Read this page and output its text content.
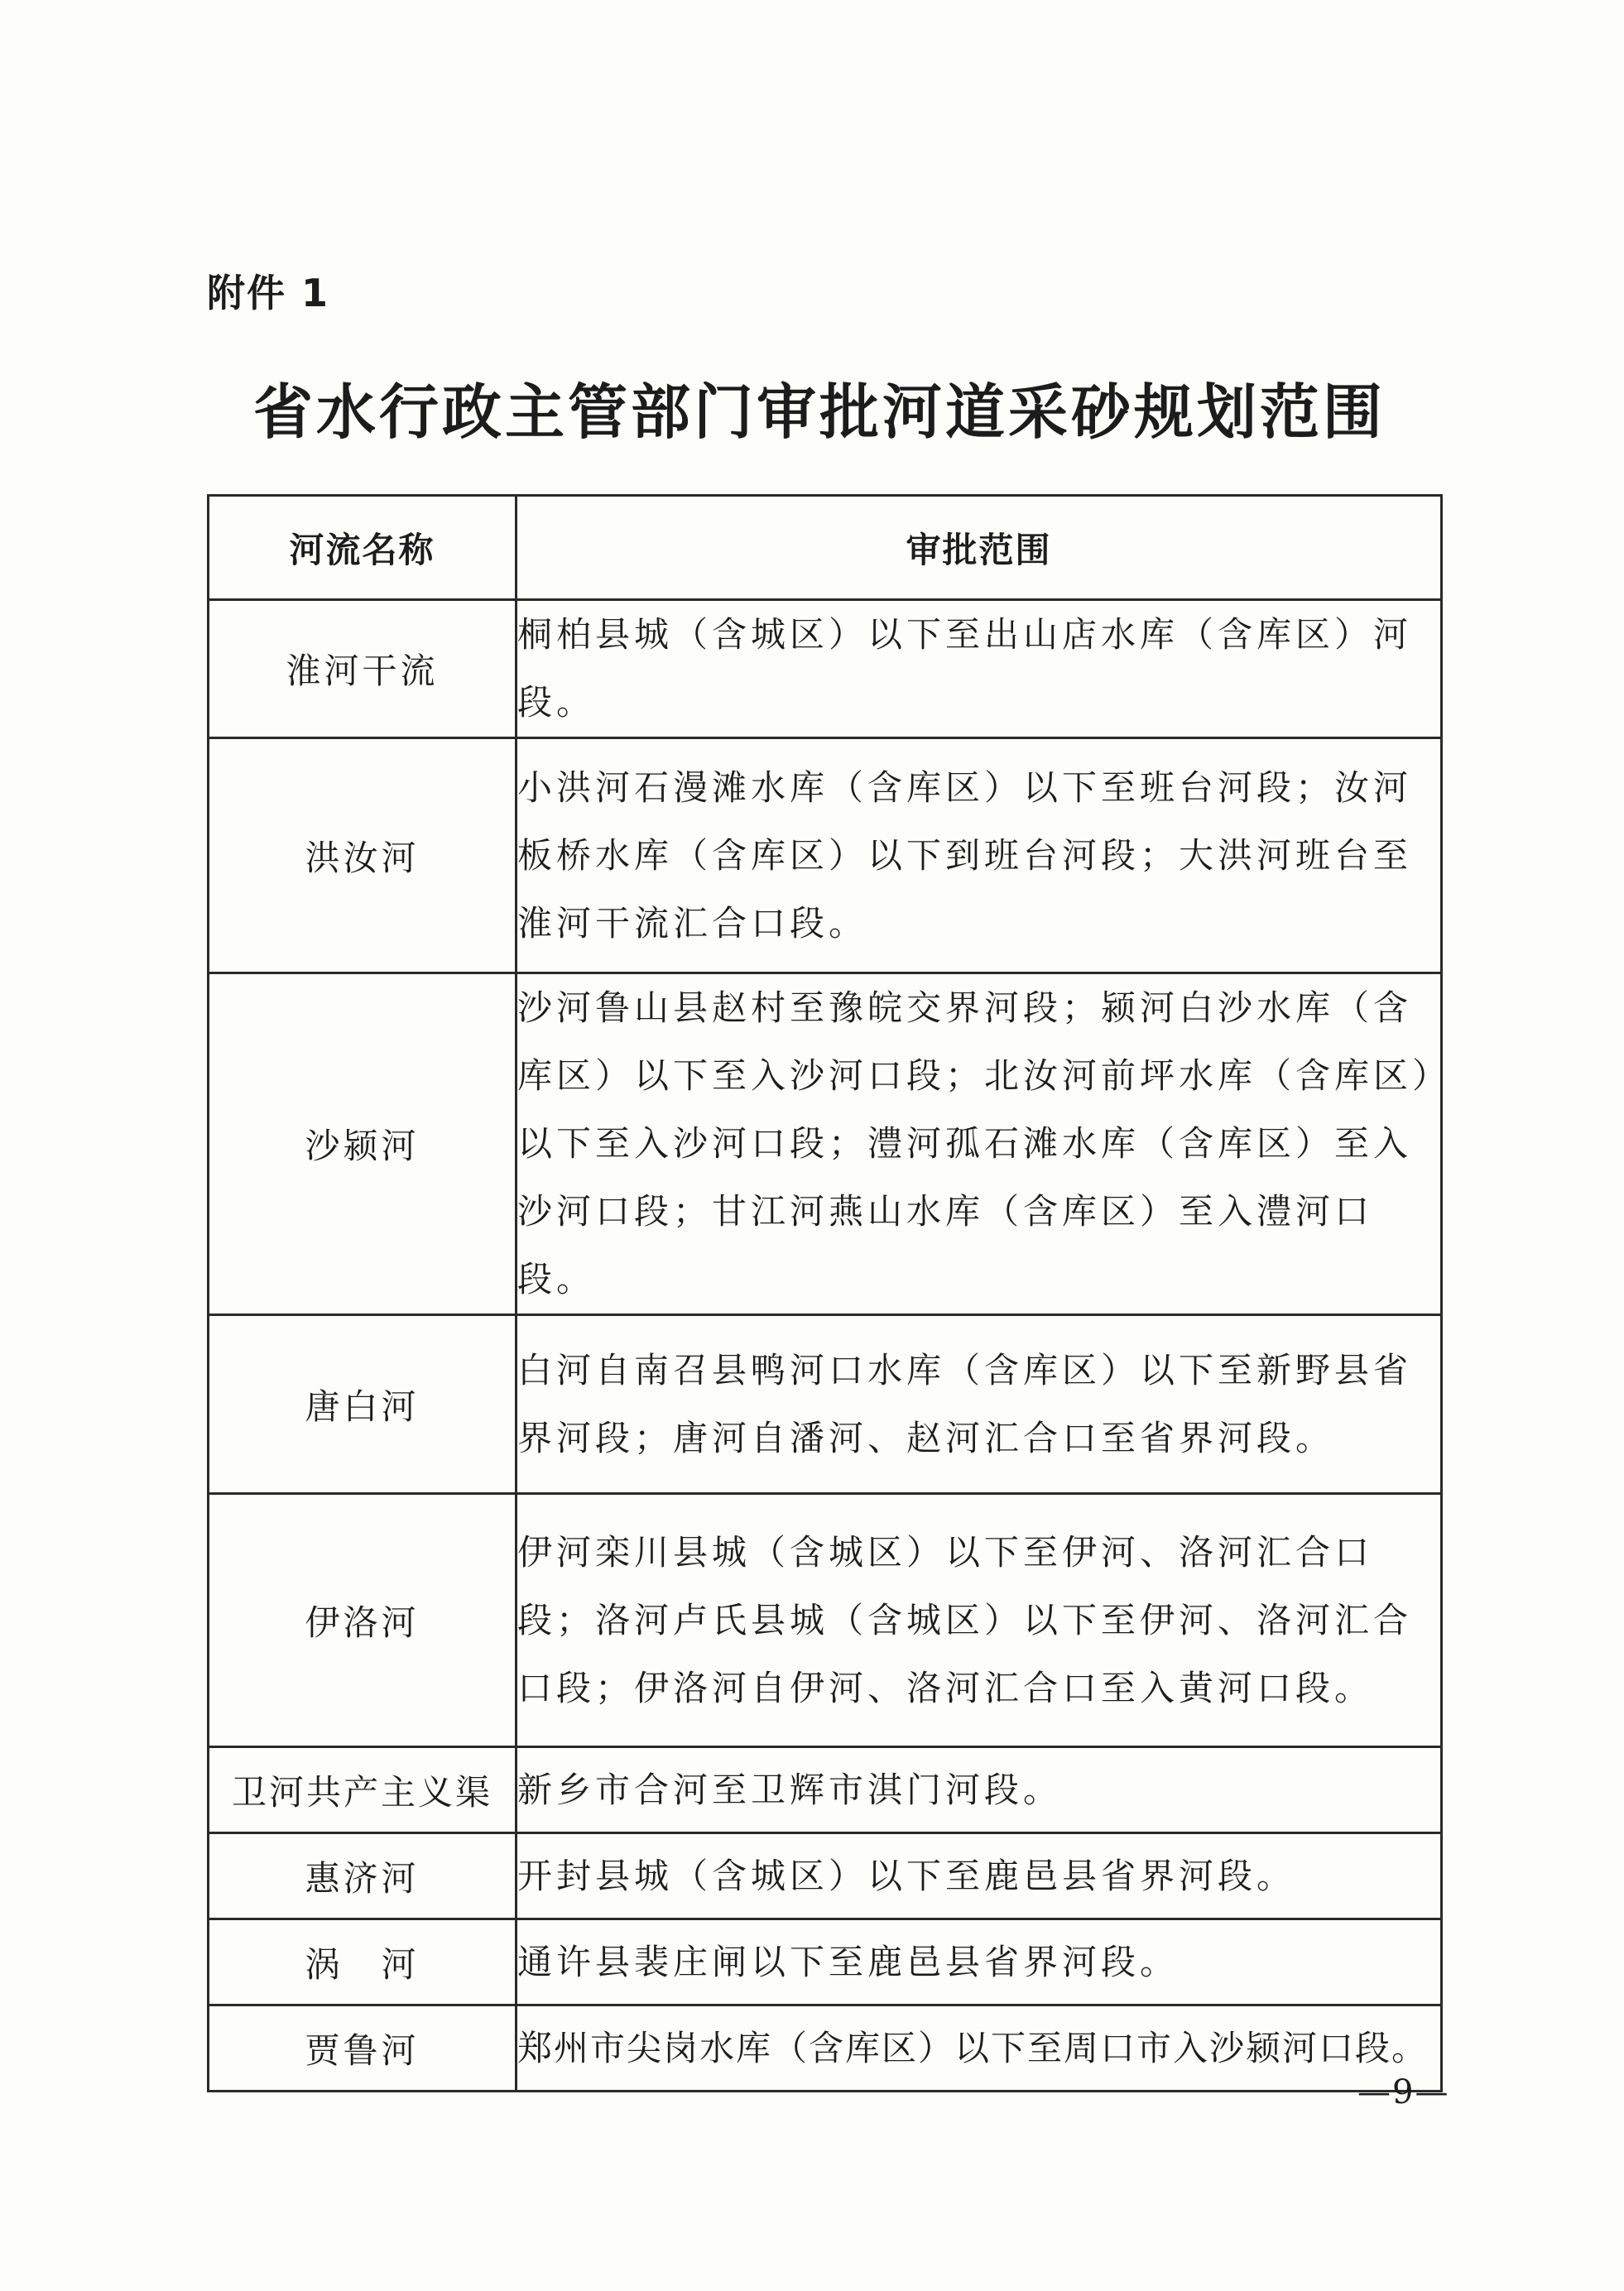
附件 1
省水行政主管部门审批河道采砂规划范围
河流名称	审批范围
淮河干流	桐柏县城（含城区）以下至出山店水库（含库区）河段。
洪汝河	小洪河石漫滩水库（含库区）以下至班台河段；汝河板桥水库（含库区）以下到班台河段；大洪河班台至淮河干流汇合口段。
沙颍河	沙河鲁山县赵村至豫皖交界河段；颍河白沙水库（含库区）以下至入沙河口段；北汝河前坪水库（含库区）以下至入沙河口段；澧河孤石滩水库（含库区）至入沙河口段；甘江河燕山水库（含库区）至入澧河口段。
唐白河	白河自南召县鸭河口水库（含库区）以下至新野县省界河段；唐河自潘河、赵河汇合口至省界河段。
伊洛河	伊河栾川县城（含城区）以下至伊河、洛河汇合口段；洛河卢氏县城（含城区）以下至伊河、洛河汇合口段；伊洛河自伊河、洛河汇合口至入黄河口段。
卫河共产主义渠	新乡市合河至卫辉市淇门河段。
惠济河	开封县城（含城区）以下至鹿邑县省界河段。
涡　河	通许县裴庄闸以下至鹿邑县省界河段。
贾鲁河	郑州市尖岗水库（含库区）以下至周口市入沙颍河口段。
—9—
